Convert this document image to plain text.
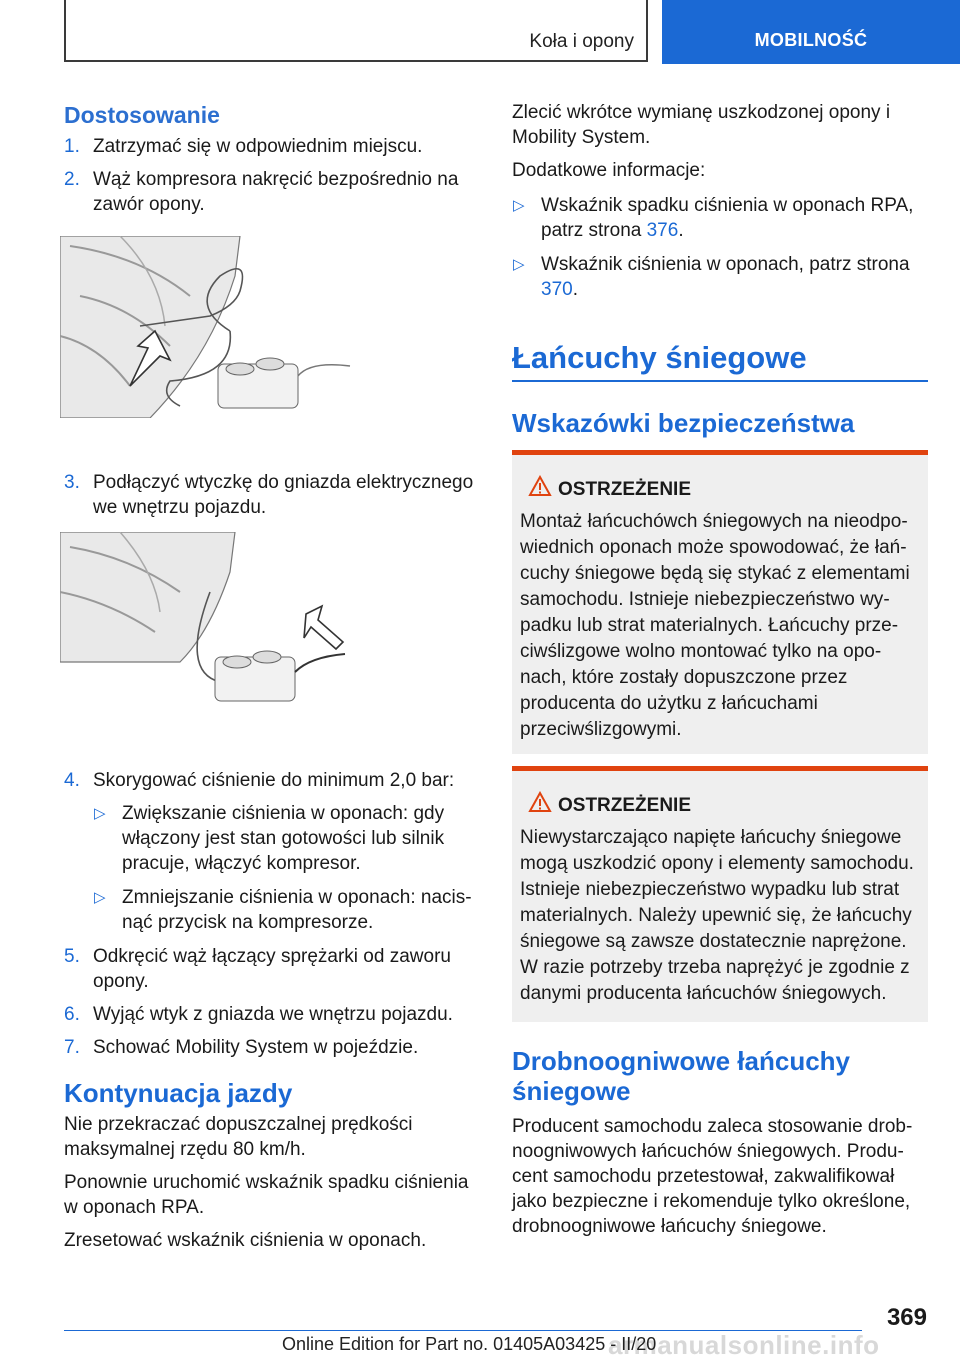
Koła i opony	MOBILNOŚĆ
Dostosowanie
1. Zatrzymać się w odpowiednim miejscu.
2. Wąż kompresora nakręcić bezpośrednio na zawór opony.
3. Podłączyć wtyczkę do gniazda elektrycznego we wnętrzu pojazdu.
4. Skorygować ciśnienie do minimum 2,0 bar:
▷ Zwiększanie ciśnienia w oponach: gdy włączony jest stan gotowości lub silnik pracuje, włączyć kompresor.
▷ Zmniejszanie ciśnienia w oponach: nacisnąć przycisk na kompresorze.
5. Odkręcić wąż łączący sprężarki od zaworu opony.
6. Wyjąć wtyk z gniazda we wnętrzu pojazdu.
7. Schować Mobility System w pojeździe.
Kontynuacja jazdy
Nie przekraczać dopuszczalnej prędkości maksymalnej rzędu 80 km/h.
Ponownie uruchomić wskaźnik spadku ciśnienia w oponach RPA.
Zresetować wskaźnik ciśnienia w oponach.
Zlecić wkrótce wymianę uszkodzonej opony i Mobility System.
Dodatkowe informacje:
▷ Wskaźnik spadku ciśnienia w oponach RPA, patrz strona 376.
▷ Wskaźnik ciśnienia w oponach, patrz strona 370.
Łańcuchy śniegowe
Wskazówki bezpieczeństwa
OSTRZEŻENIE
Montaż łańcuchówch śniegowych na nieodpowiednich oponach może spowodować, że łańcuchy śniegowe będą się stykać z elementami samochodu. Istnieje niebezpieczeństwo wypadku lub strat materialnych. Łańcuchy przeciwślizgowe wolno montować tylko na oponach, które zostały dopuszczone przez producenta do użytku z łańcuchami przeciwślizgowymi.
OSTRZEŻENIE
Niewystarczająco napięte łańcuchy śniegowe mogą uszkodzić opony i elementy samochodu. Istnieje niebezpieczeństwo wypadku lub strat materialnych. Należy upewnić się, że łańcuchy śniegowe są zawsze dostatecznie naprężone. W razie potrzeby trzeba naprężyć je zgodnie z danymi producenta łańcuchów śniegowych.
Drobnoogniwowe łańcuchy śniegowe
Producent samochodu zaleca stosowanie drobnoogniwowych łańcuchów śniegowych. Producent samochodu przetestował, zakwalifikował jako bezpieczne i rekomenduje tylko określone, drobnoogniwowe łańcuchy śniegowe.
369
armanualsonline.info
Online Edition for Part no. 01405A03425 - II/20
